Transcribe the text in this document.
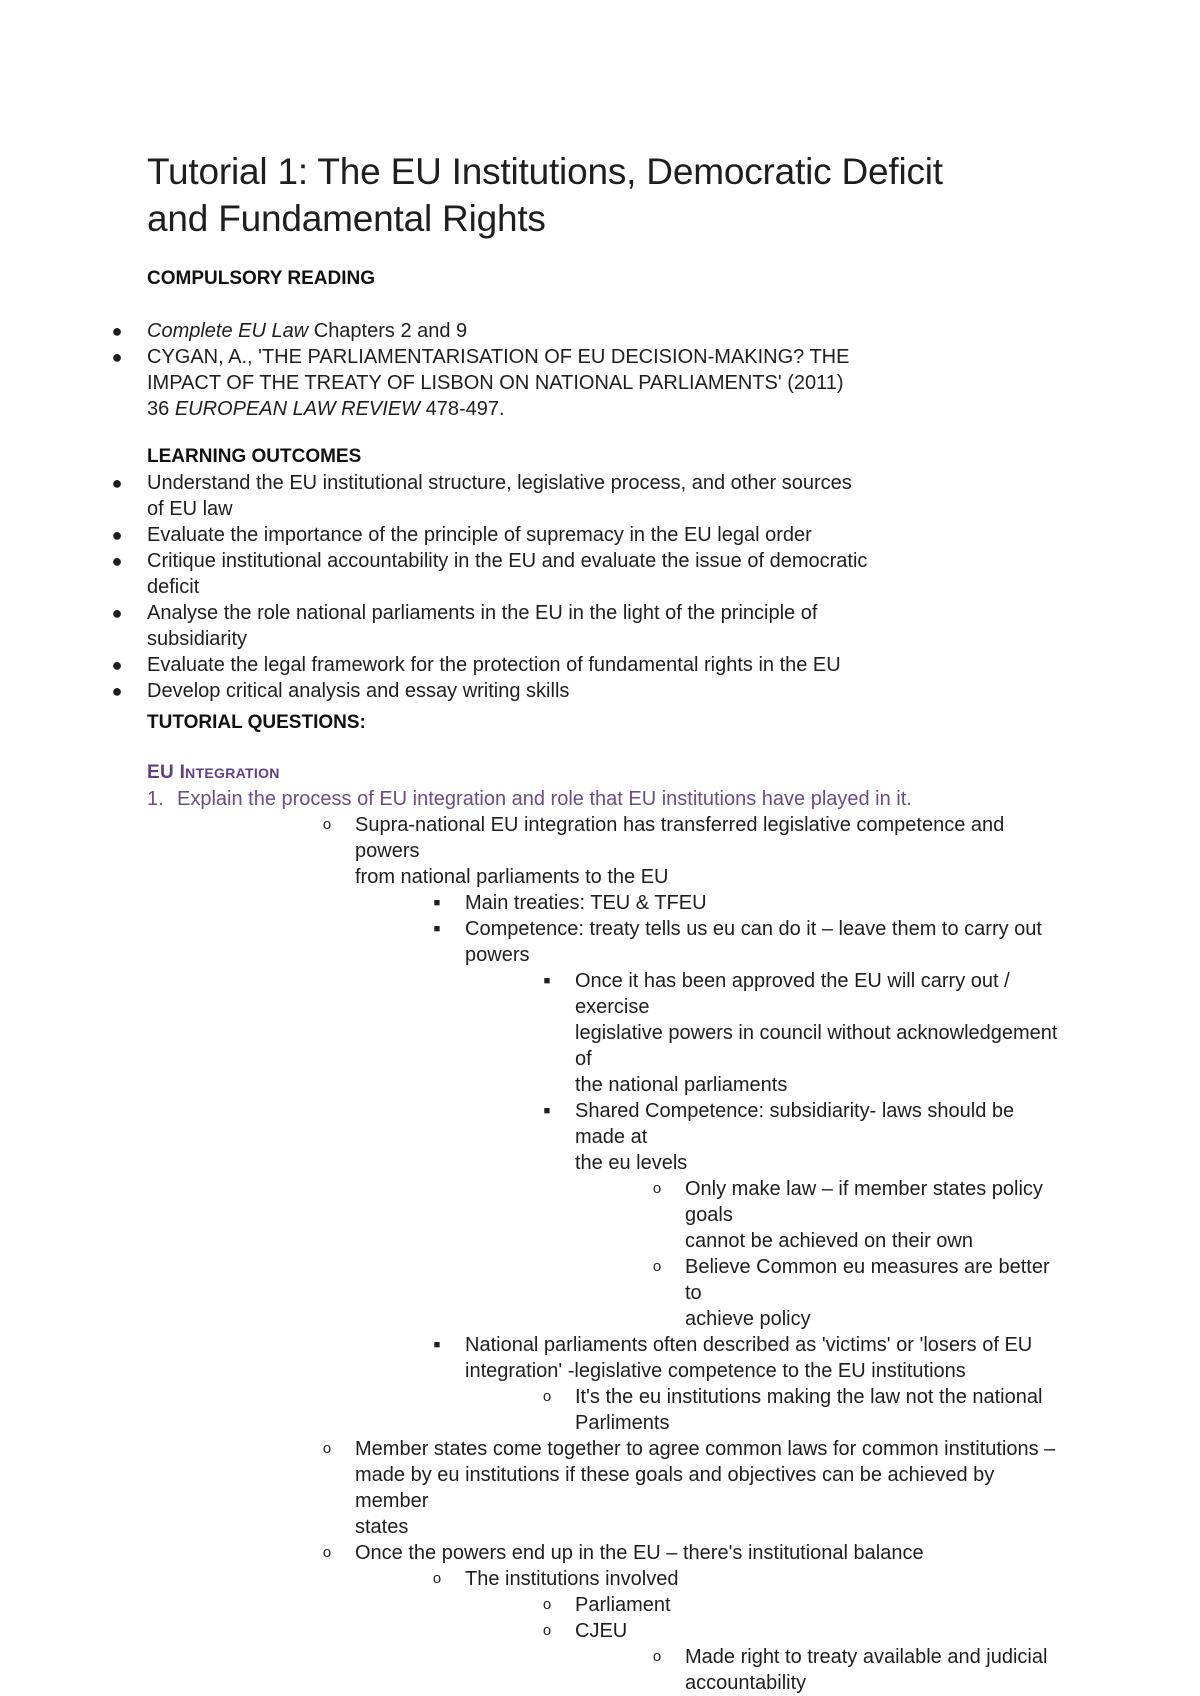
Tutorial 1: The EU Institutions, Democratic Deficit
and Fundamental Rights

COMPULSORY READING

● Complete EU Law Chapters 2 and 9
● CYGAN, A., 'THE PARLIAMENTARISATION OF EU DECISION-MAKING? THE
IMPACT OF THE TREATY OF LISBON ON NATIONAL PARLIAMENTS' (2011)
36 EUROPEAN LAW REVIEW 478-497.

LEARNING OUTCOMES

● Understand the EU institutional structure, legislative process, and other sources
of EU law
● Evaluate the importance of the principle of supremacy in the EU legal order
● Critique institutional accountability in the EU and evaluate the issue of democratic
deficit
● Analyse the role national parliaments in the EU in the light of the principle of
subsidiarity
● Evaluate the legal framework for the protection of fundamental rights in the EU
● Develop critical analysis and essay writing skills

TUTORIAL QUESTIONS:

EU INTEGRATION
1. Explain the process of EU integration and role that EU institutions have played in it.
o Supra-national EU integration has transferred legislative competence and powers
from national parliaments to the EU
■ Main treaties: TEU & TFEU
■ Competence: treaty tells us eu can do it – leave them to carry out
powers
■ Once it has been approved the EU will carry out / exercise
legislative powers in council without acknowledgement of
the national parliaments
■ Shared Competence: subsidiarity- laws should be made at
the eu levels
o Only make law – if member states policy goals
cannot be achieved on their own
o Believe Common eu measures are better to
achieve policy
■ National parliaments often described as 'victims' or 'losers of EU
integration' -legislative competence to the EU institutions
o It's the eu institutions making the law not the national
Parliments
o Member states come together to agree common laws for common institutions –
made by eu institutions if these goals and objectives can be achieved by member
states
o Once the powers end up in the EU – there's institutional balance
o The institutions involved
o Parliament
o CJEU
o Made right to treaty available and judicial
accountability
